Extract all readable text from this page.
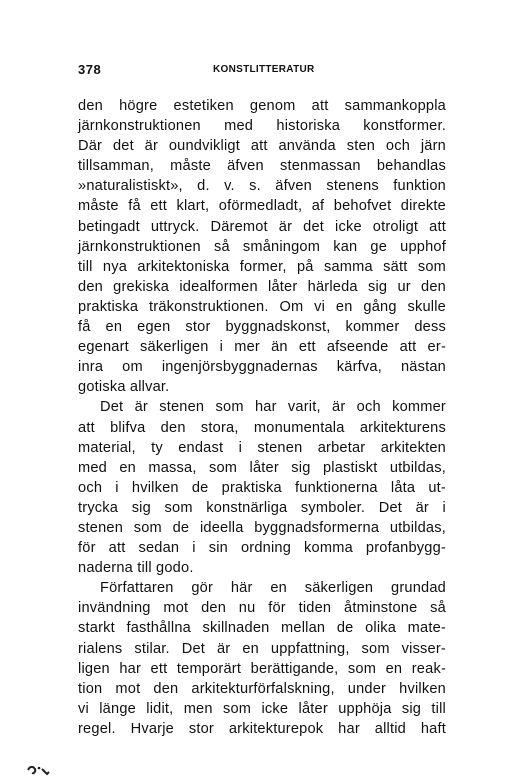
378	KONSTLITTERATUR
den högre estetiken genom att sammankoppla
järnkonstruktionen med historiska konstformer.
Där det är oundvikligt att använda sten och järn
tillsamman, måste äfven stenmassan behandlas
»naturalistiskt», d. v. s. äfven stenens funktion
måste få ett klart, oförmedladt, af behofvet direkte
betingadt uttryck. Däremot är det icke otroligt att
järnkonstruktionen så småningom kan ge upphof
till nya arkitektoniska former, på samma sätt som
den grekiska idealformen låter härleda sig ur den
praktiska träkonstruktionen. Om vi en gång skulle
få en egen stor byggnadskonst, kommer dess
egenart säkerligen i mer än ett afseende att er-
inra om ingenjörsbyggnadernas kärfva, nästan
gotiska allvar.
Det är stenen som har varit, är och kommer
att blifva den stora, monumentala arkitekturens
material, ty endast i stenen arbetar arkitekten
med en massa, som låter sig plastiskt utbildas,
och i hvilken de praktiska funktionerna låta ut-
trycka sig som konstnärliga symboler. Det är i
stenen som de ideella byggnadsformerna utbildas,
för att sedan i sin ordning komma profanbygg-
naderna till godo.
Författaren gör här en säkerligen grundad
invändning mot den nu för tiden åtminstone så
starkt fasthållna skillnaden mellan de olika mate-
rialens stilar. Det är en uppfattning, som visser-
ligen har ett temporärt berättigande, som en reak-
tion mot den arkitekturförfalskning, under hvilken
vi länge lidit, men som icke låter upphöja sig till
regel. Hvarje stor arkitekturepok har alltid haft
